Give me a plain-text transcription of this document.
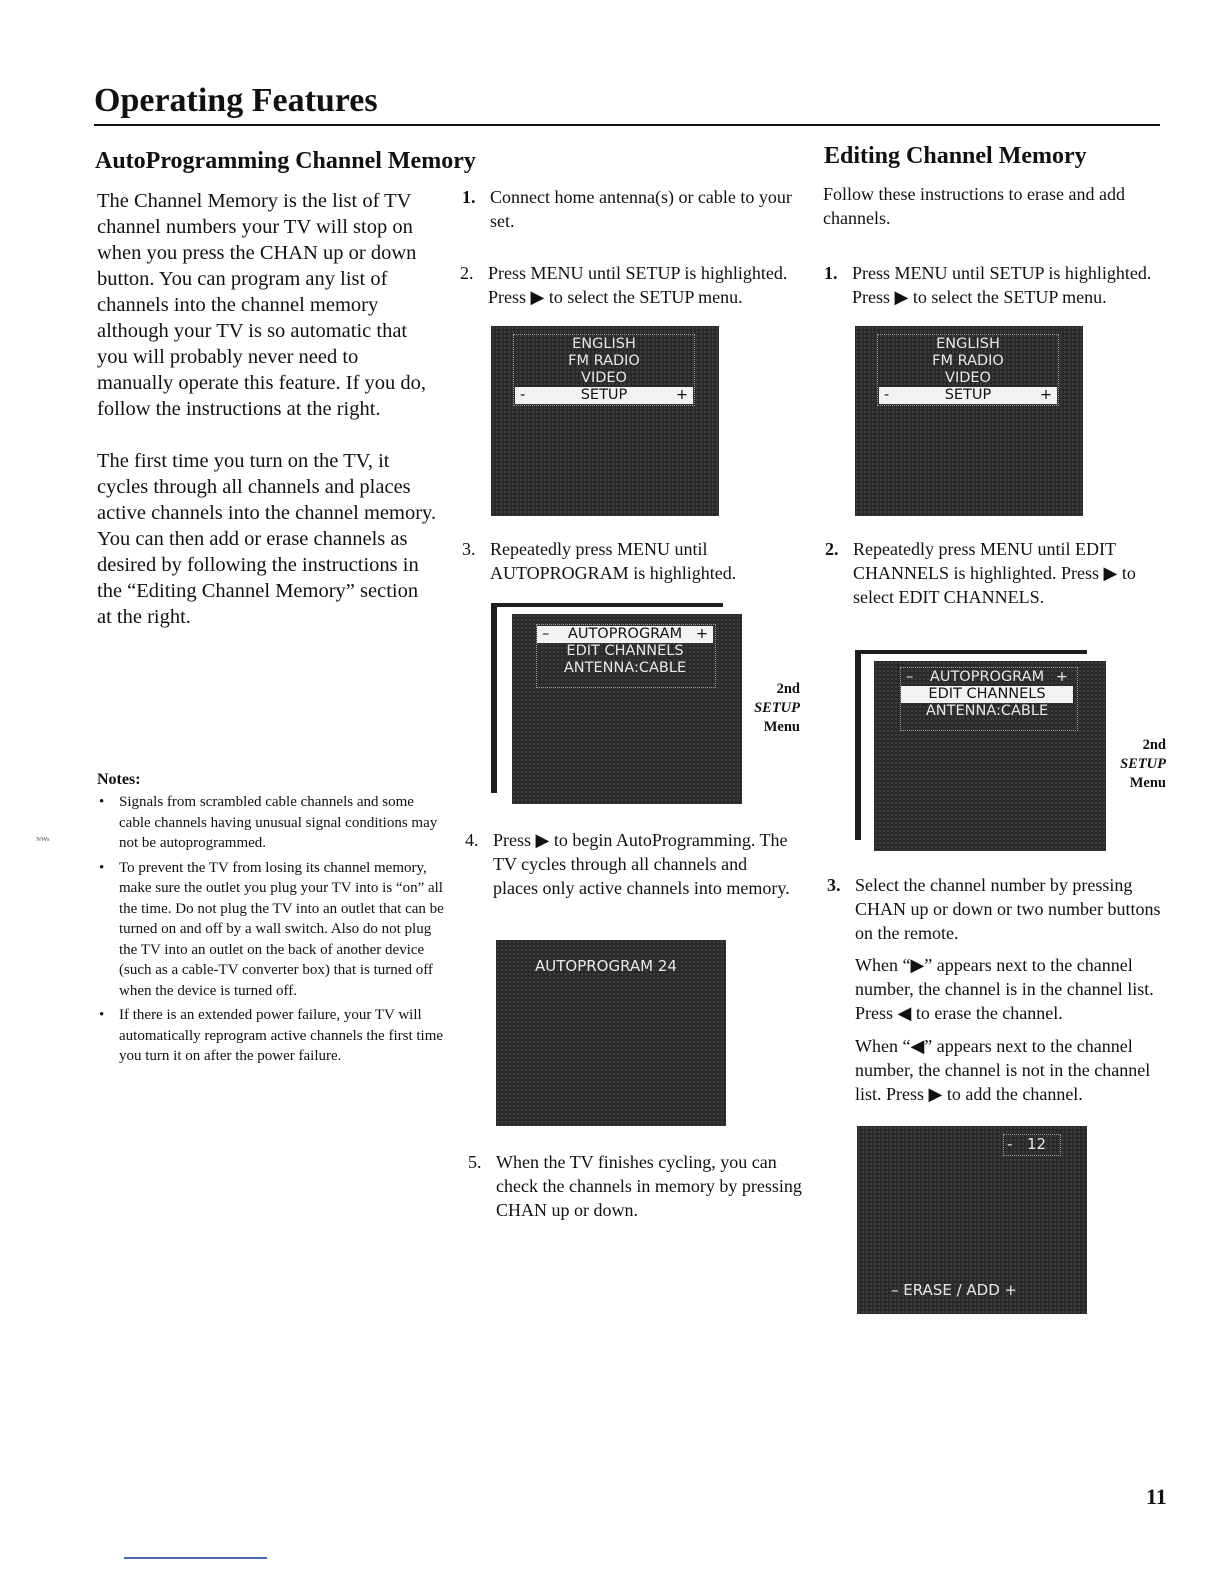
Operating Features
AutoProgramming Channel Memory

The Channel Memory is the list of TV channel numbers your TV will stop on when you press the CHAN up or down button. You can program any list of channels into the channel memory although your TV is so automatic that you will probably never need to manually operate this feature. If you do, follow the instructions at the right.

The first time you turn on the TV, it cycles through all channels and places active channels into the channel memory. You can then add or erase channels as desired by following the instructions in the “Editing Channel Memory” section at the right.

Notes:
• Signals from scrambled cable channels and some cable channels having unusual signal conditions may not be autoprogrammed.
• To prevent the TV from losing its channel memory, make sure the outlet you plug your TV into is “on” all the time. Do not plug the TV into an outlet that can be turned on and off by a wall switch. Also do not plug the TV into an outlet on the back of another device (such as a cable-TV converter box) that is turned off when the device is turned off.
• If there is an extended power failure, your TV will automatically reprogram active channels the first time you turn it on after the power failure.
ᴺᵂˢ
1. Connect home antenna(s) or cable to your set.
2. Press MENU until SETUP is highlighted. Press ▶ to select the SETUP menu.
ENGLISH
FM RADIO
VIDEO
-	SETUP	+
3. Repeatedly press MENU until AUTOPROGRAM is highlighted.
– AUTOPROGRAM +
EDIT CHANNELS
ANTENNA:CABLE

2nd
SETUP
Menu

4. Press ▶ to begin AutoProgramming. The TV cycles through all channels and places only active channels into memory.
AUTOPROGRAM 24
5. When the TV finishes cycling, you can check the channels in memory by pressing CHAN up or down.
Editing Channel Memory

Follow these instructions to erase and add channels.

1. Press MENU until SETUP is highlighted. Press ▶ to select the SETUP menu.
ENGLISH
FM RADIO
VIDEO
-	SETUP	+
2. Repeatedly press MENU until EDIT CHANNELS is highlighted. Press ▶ to select EDIT CHANNELS.
– AUTOPROGRAM +
EDIT CHANNELS
ANTENNA:CABLE

2nd
SETUP
Menu

3. Select the channel number by pressing CHAN up or down or two number buttons on the remote.

When “▶” appears next to the channel number, the channel is in the channel list. Press ◀ to erase the channel.

When “◀” appears next to the channel number, the channel is not in the channel list. Press ▶ to add the channel.

- 12
– ERASE / ADD +
11
